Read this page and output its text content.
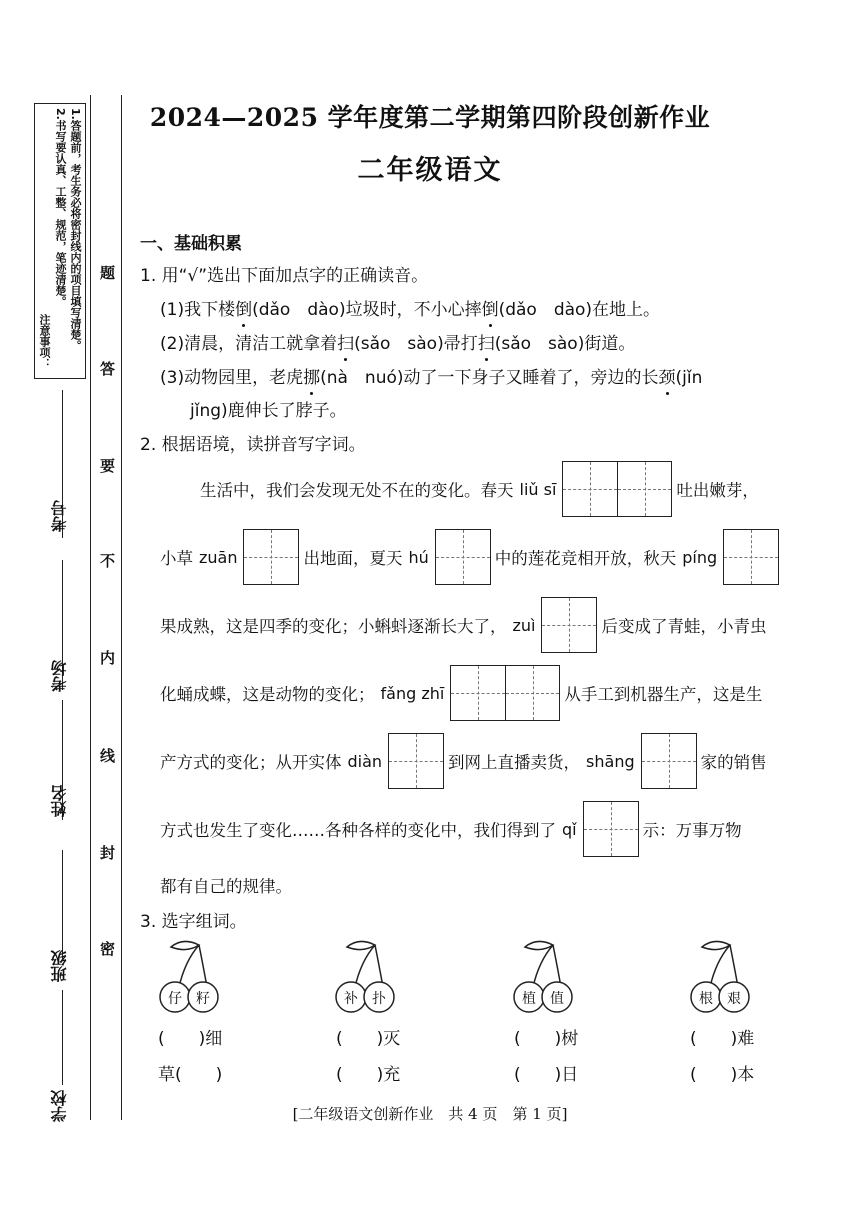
1.答题前，考生务必将密封线内的项目填写清楚。
2.书写要认真、工整、规范，笔迹清楚。
注意事项：
题
答
要
不
内
线
封
密
考号
考场
姓名
班级
学校
2024—2025 学年度第二学期第四阶段创新作业
二年级语文
一、基础积累
1. 用“√”选出下面加点字的正确读音。
(1)我下楼倒(dǎo　dào)垃圾时，不小心摔倒(dǎo　dào)在地上。
(2)清晨，清洁工就拿着扫(sǎo　sào)帚打扫(sǎo　sào)街道。
(3)动物园里，老虎挪(nà　nuó)动了一下身子又睡着了，旁边的长颈(jǐn
jǐng)鹿伸长了脖子。
2. 根据语境，读拼音写字词。
生活中，我们会发现无处不在的变化。春天 liǔ sī	吐出嫩芽，
小草 zuān	出地面，夏天 hú	中的莲花竞相开放，秋天 píng
果成熟，这是四季的变化；小蝌蚪逐渐长大了， zuì	后变成了青蛙，小青虫
化蛹成蝶，这是动物的变化； fǎng zhī	从手工到机器生产，这是生
产方式的变化；从开实体 diàn	到网上直播卖货， shāng	家的销售
方式也发生了变化……各种各样的变化中，我们得到了 qǐ	示：万事万物
都有自己的规律。
3. 选字组词。
仔 籽	补 扑	植 值	根 艰
(　　)细	(　　)灭	(　　)树	(　　)难
草(　　)	(　　)充	(　　)日	(　　)本
[二年级语文创新作业　共 4 页　第 1 页]
